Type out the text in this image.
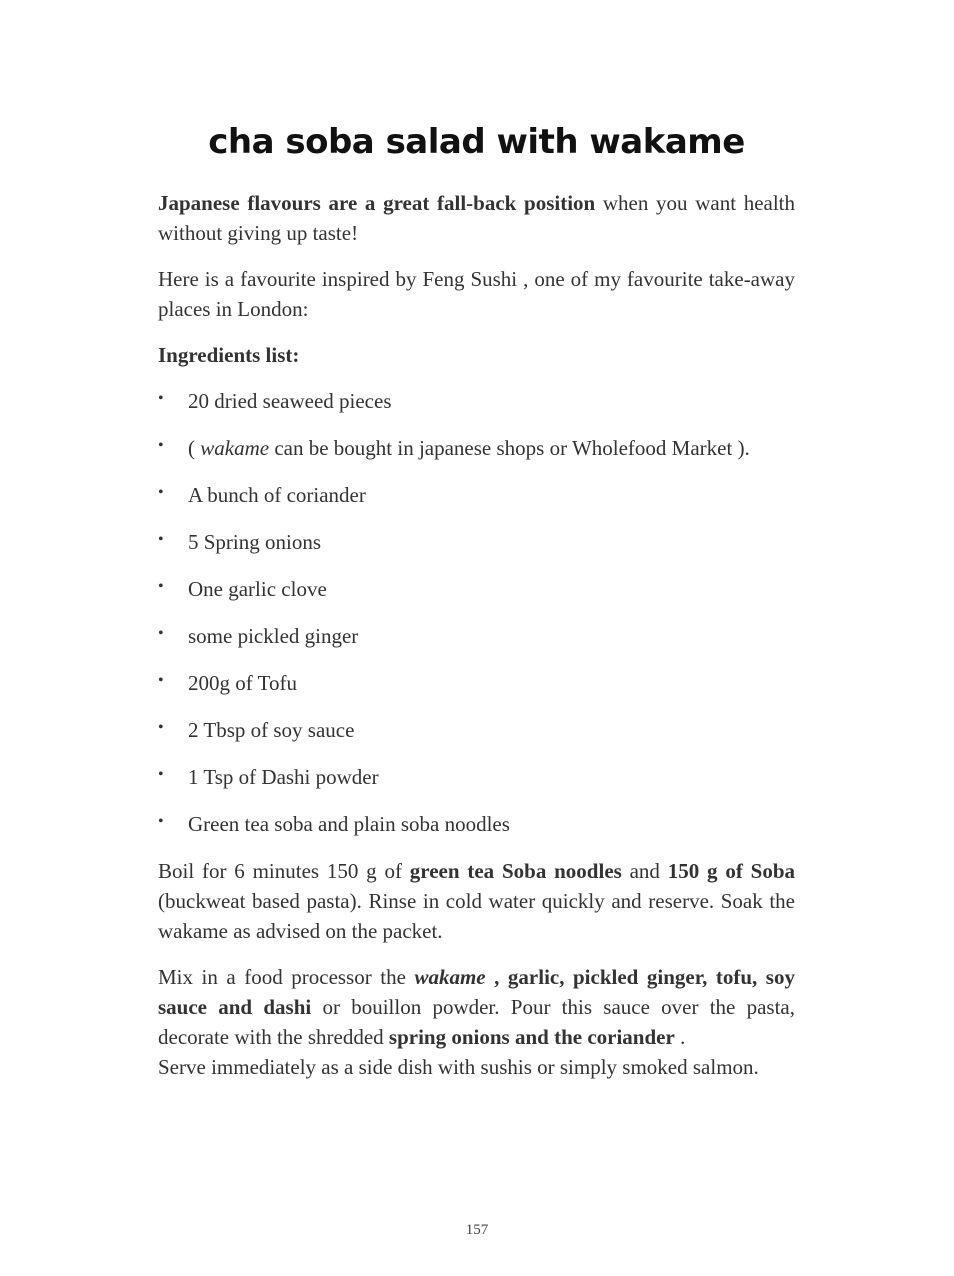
cha soba salad with wakame

Japanese flavours are a great fall-back position when you want health without giving up taste!

Here is a favourite inspired by Feng Sushi , one of my favourite take-away places in London:

Ingredients list:

• 20 dried seaweed pieces
• ( wakame can be bought in japanese shops or Wholefood Market ).
• A bunch of coriander
• 5 Spring onions
• One garlic clove
• some pickled ginger
• 200g of Tofu
• 2 Tbsp of soy sauce
• 1 Tsp of Dashi powder
• Green tea soba and plain soba noodles

Boil for 6 minutes 150 g of green tea Soba noodles and 150 g of Soba (buckweat based pasta). Rinse in cold water quickly and reserve. Soak the wakame as advised on the packet.

Mix in a food processor the wakame , garlic, pickled ginger, tofu, soy sauce and dashi or bouillon powder. Pour this sauce over the pasta, decorate with the shredded spring onions and the coriander .

Serve immediately as a side dish with sushis or simply smoked salmon.

157
